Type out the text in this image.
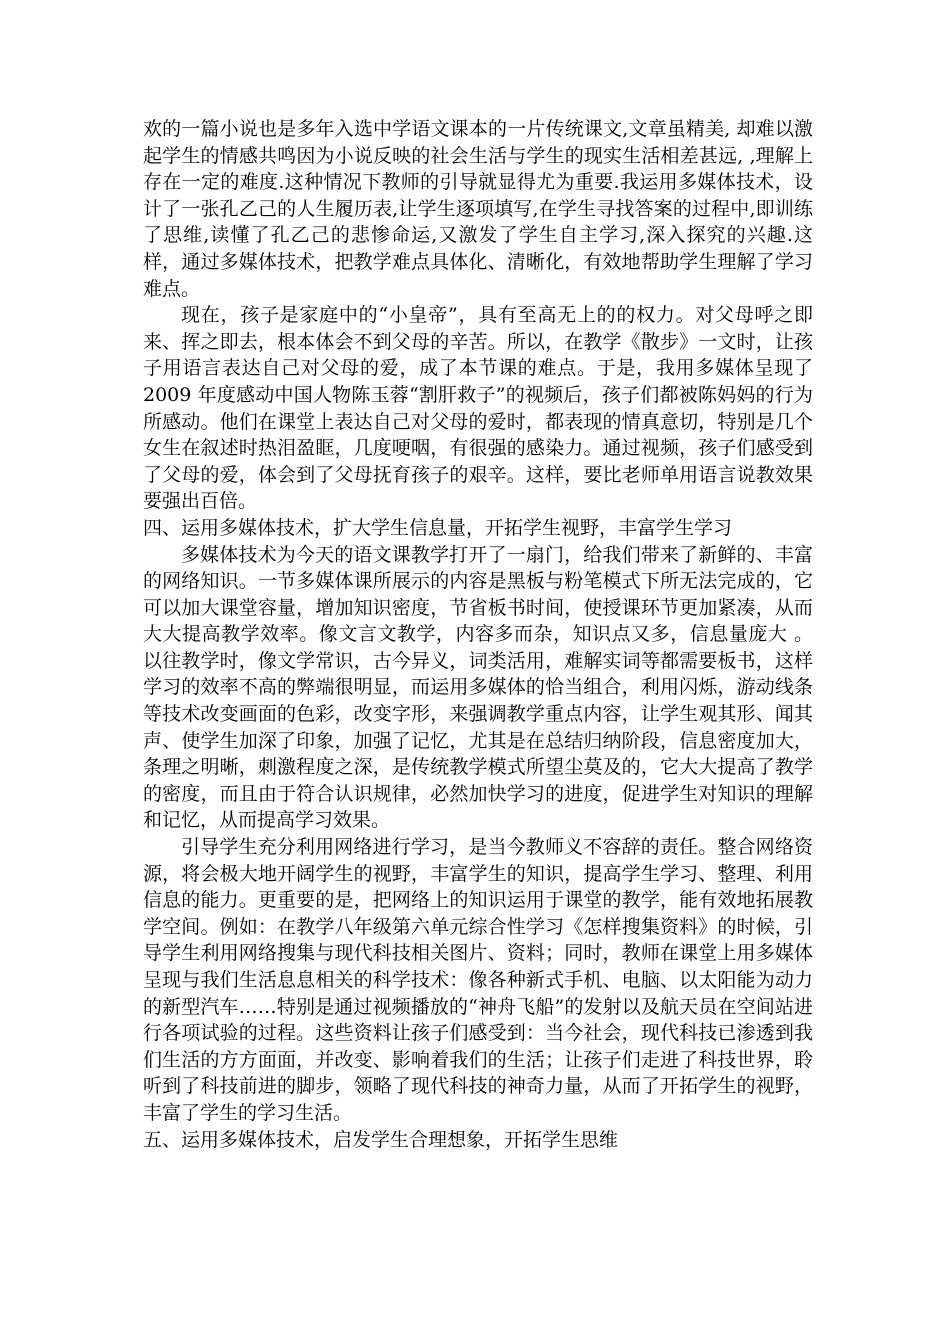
欢的一篇小说也是多年入选中学语文课本的一片传统课文,文章虽精美, 却难以激起学生的情感共鸣因为小说反映的社会生活与学生的现实生活相差甚远, ,理解上存在一定的难度.这种情况下教师的引导就显得尤为重要.我运用多媒体技术，设计了一张孔乙己的人生履历表,让学生逐项填写,在学生寻找答案的过程中,即训练了思维,读懂了孔乙己的悲惨命运,又激发了学生自主学习,深入探究的兴趣.这样，通过多媒体技术，把教学难点具体化、清晰化，有效地帮助学生理解了学习难点。

现在，孩子是家庭中的“小皇帝”，具有至高无上的的权力。对父母呼之即来、挥之即去，根本体会不到父母的辛苦。所以，在教学《散步》一文时，让孩子用语言表达自己对父母的爱，成了本节课的难点。于是，我用多媒体呈现了 2009 年度感动中国人物陈玉蓉“割肝救子”的视频后，孩子们都被陈妈妈的行为所感动。他们在课堂上表达自己对父母的爱时，都表现的情真意切，特别是几个女生在叙述时热泪盈眶，几度哽咽，有很强的感染力。通过视频，孩子们感受到了父母的爱，体会到了父母抚育孩子的艰辛。这样，要比老师单用语言说教效果要强出百倍。

四、运用多媒体技术，扩大学生信息量，开拓学生视野，丰富学生学习

多媒体技术为今天的语文课教学打开了一扇门，给我们带来了新鲜的、丰富的网络知识。一节多媒体课所展示的内容是黑板与粉笔模式下所无法完成的，它可以加大课堂容量，增加知识密度，节省板书时间，使授课环节更加紧凑，从而大大提高教学效率。像文言文教学，内容多而杂，知识点又多，信息量庞大 。以往教学时，像文学常识，古今异义，词类活用，难解实词等都需要板书，这样学习的效率不高的弊端很明显，而运用多媒体的恰当组合，利用闪烁，游动线条等技术改变画面的色彩，改变字形，来强调教学重点内容，让学生观其形、闻其声、使学生加深了印象，加强了记忆，尤其是在总结归纳阶段，信息密度加大，条理之明晰，刺激程度之深，是传统教学模式所望尘莫及的，它大大提高了教学的密度，而且由于符合认识规律，必然加快学习的进度，促进学生对知识的理解和记忆，从而提高学习效果。

引导学生充分利用网络进行学习，是当今教师义不容辞的责任。整合网络资源，将会极大地开阔学生的视野，丰富学生的知识，提高学生学习、整理、利用信息的能力。更重要的是，把网络上的知识运用于课堂的教学，能有效地拓展教学空间。例如：在教学八年级第六单元综合性学习《怎样搜集资料》的时候，引导学生利用网络搜集与现代科技相关图片、资料；同时，教师在课堂上用多媒体呈现与我们生活息息相关的科学技术：像各种新式手机、电脑、以太阳能为动力的新型汽车……特别是通过视频播放的“神舟飞船”的发射以及航天员在空间站进行各项试验的过程。这些资料让孩子们感受到：当今社会，现代科技已渗透到我们生活的方方面面，并改变、影响着我们的生活；让孩子们走进了科技世界，聆听到了科技前进的脚步，领略了现代科技的神奇力量，从而了开拓学生的视野，丰富了学生的学习生活。

五、运用多媒体技术，启发学生合理想象，开拓学生思维
